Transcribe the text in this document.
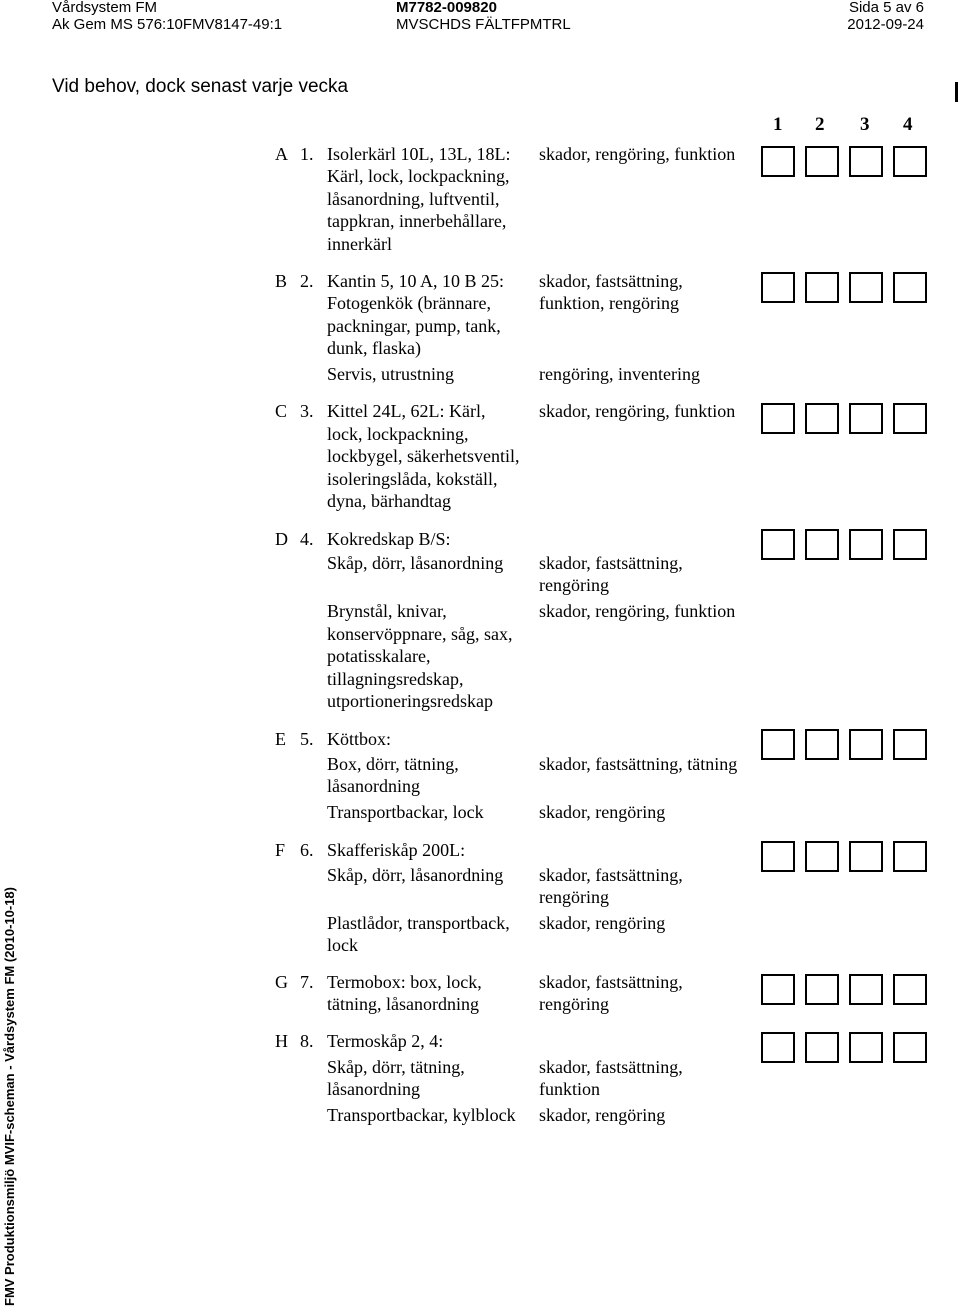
Vårdsystem FM
Ak Gem MS 576:10FMV8147-49:1
M7782-009820
MVSCHDS FÄLTFPMTRL
Sida 5 av 6
2012-09-24
Vid behov, dock senast varje vecka
1 2 3 4
A 1. Isolerkärl 10L, 13L, 18L:
Kärl, lock, lockpackning,
låsanordning, luftventil,
tappkran, innerbehållare,
innerkärl
skador, rengöring, funktion
B 2. Kantin 5, 10 A, 10 B 25:
Fotogenkök (brännare,
packningar, pump, tank,
dunk, flaska)
skador, fastsättning,
funktion, rengöring
Servis, utrustning	rengöring, inventering
C 3. Kittel 24L, 62L: Kärl,
lock, lockpackning,
lockbygel, säkerhetsventil,
isoleringslåda, kokställ,
dyna, bärhandtag
skador, rengöring, funktion
D 4. Kokredskap B/S:
Skåp, dörr, låsanordning skador, fastsättning,
rengöring
Brynstål, knivar,
konservöppnare, såg, sax,
potatisskalare,
tillagningsredskap,
utportioneringsredskap
skador, rengöring, funktion
E 5. Köttbox:
Box, dörr, tätning,
låsanordning
skador, fastsättning, tätning
Transportbackar, lock	skador, rengöring
F 6. Skafferiskåp 200L:
Skåp, dörr, låsanordning skador, fastsättning,
rengöring
Plastlådor, transportback,
lock
skador, rengöring
G 7. Termobox: box, lock,
tätning, låsanordning
skador, fastsättning,
rengöring
H 8. Termoskåp 2, 4:
Skåp, dörr, tätning,
låsanordning
skador, fastsättning,
funktion
Transportbackar, kylblock skador, rengöring
FMV Produktionsmiljö MVIF-scheman - Vårdsystem FM (2010-10-18)
